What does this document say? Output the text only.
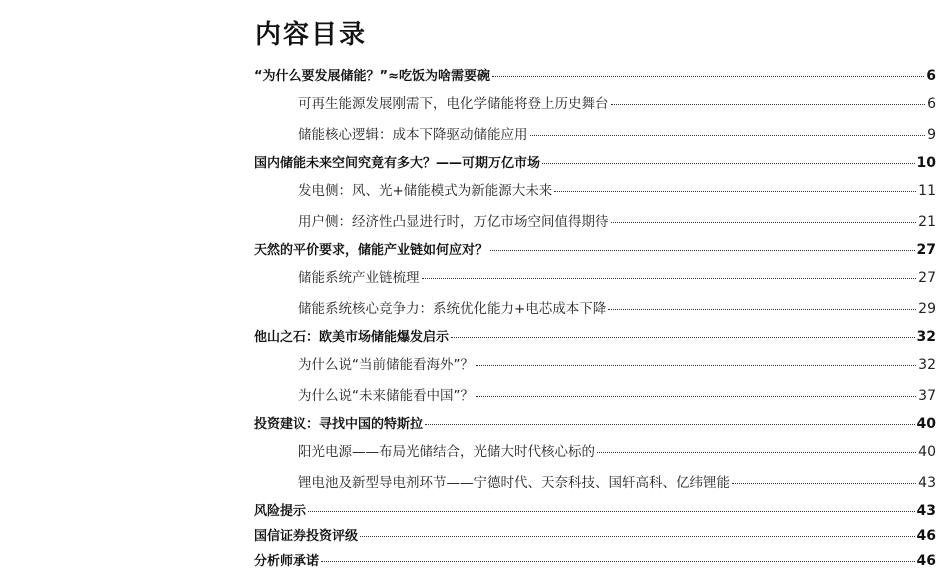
内容目录
“为什么要发展储能？”≈吃饭为啥需要碗	6
可再生能源发展刚需下，电化学储能将登上历史舞台	6
储能核心逻辑：成本下降驱动储能应用	9
国内储能未来空间究竟有多大？——可期万亿市场	10
发电侧：风、光+储能模式为新能源大未来	11
用户侧：经济性凸显进行时，万亿市场空间值得期待	21
天然的平价要求，储能产业链如何应对？	27
储能系统产业链梳理	27
储能系统核心竞争力：系统优化能力+电芯成本下降	29
他山之石：欧美市场储能爆发启示	32
为什么说“当前储能看海外”？	32
为什么说“未来储能看中国”？	37
投资建议：寻找中国的特斯拉	40
阳光电源——布局光储结合，光储大时代核心标的	40
锂电池及新型导电剂环节——宁德时代、天奈科技、国轩高科、亿纬锂能	43
风险提示	43
国信证券投资评级	46
分析师承诺	46
